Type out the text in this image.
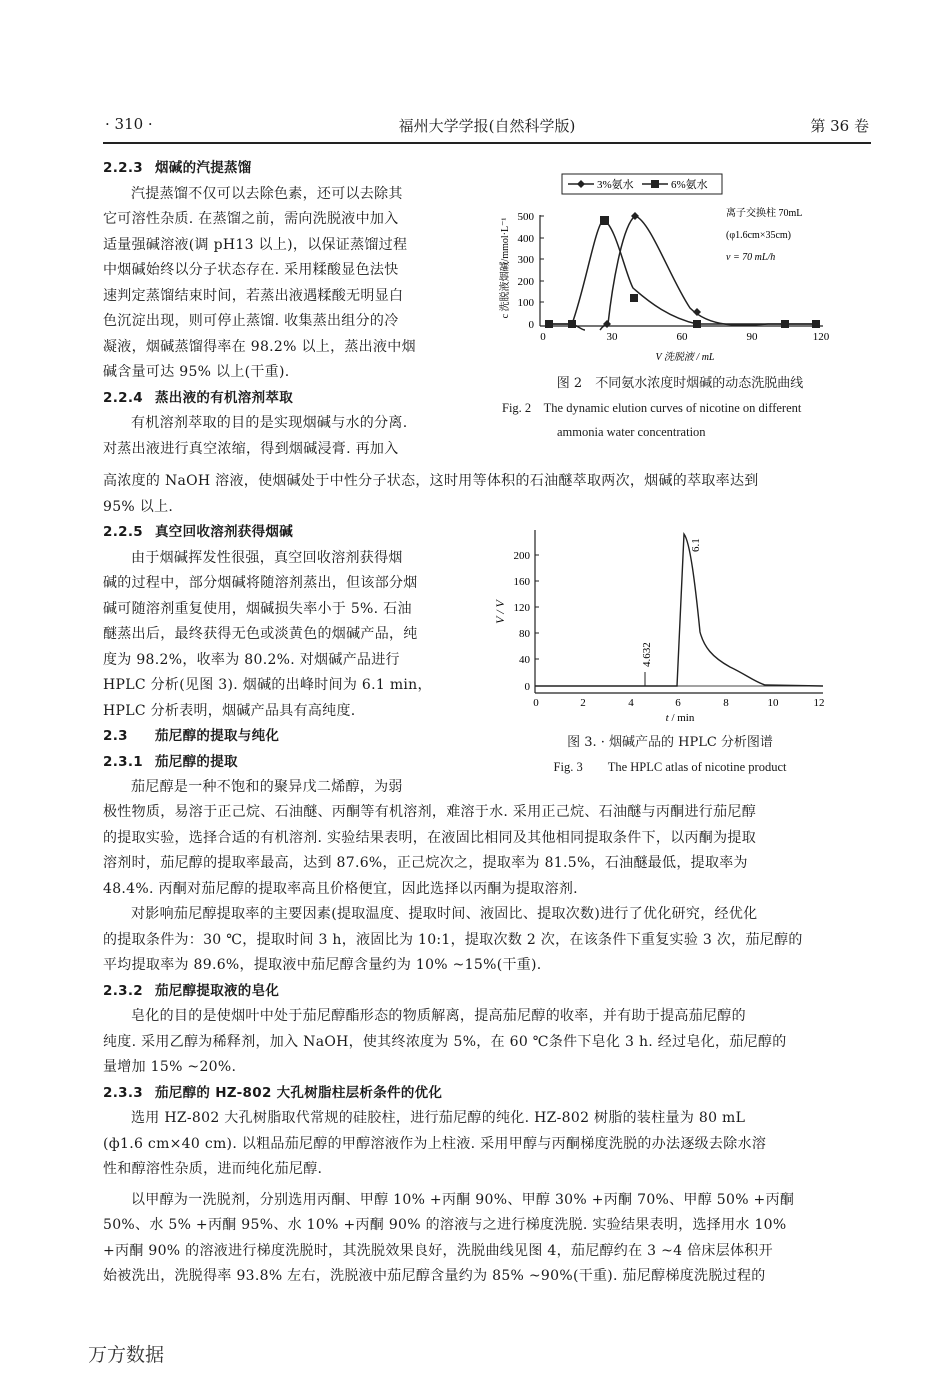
· 310 ·	福州大学学报(自然科学版)	第 36 卷
2.2.3 烟碱的汽提蒸馏
汽提蒸馏不仅可以去除色素，还可以去除其
它可溶性杂质. 在蒸馏之前，需向洗脱液中加入
适量强碱溶液(调 pH13 以上)，以保证蒸馏过程
中烟碱始终以分子状态存在. 采用糅酸显色法快
速判定蒸馏结束时间，若蒸出液遇糅酸无明显白
色沉淀出现，则可停止蒸馏. 收集蒸出组分的冷
凝液，烟碱蒸馏得率在 98.2% 以上，蒸出液中烟
碱含量可达 95% 以上(干重).
2.2.4 蒸出液的有机溶剂萃取
有机溶剂萃取的目的是实现烟碱与水的分离.
对蒸出液进行真空浓缩，得到烟碱浸膏. 再加入
高浓度的 NaOH 溶液，使烟碱处于中性分子状态，这时用等体积的石油醚萃取两次，烟碱的萃取率达到
95% 以上.
2.2.5 真空回收溶剂获得烟碱
由于烟碱挥发性很强，真空回收溶剂获得烟
碱的过程中，部分烟碱将随溶剂蒸出，但该部分烟
碱可随溶剂重复使用，烟碱损失率小于 5%. 石油
醚蒸出后，最终获得无色或淡黄色的烟碱产品，纯
度为 98.2%，收率为 80.2%. 对烟碱产品进行
HPLC 分析(见图 3). 烟碱的出峰时间为 6.1 min，
HPLC 分析表明，烟碱产品具有高纯度.
2.3 茄尼醇的提取与纯化
2.3.1 茄尼醇的提取
茄尼醇是一种不饱和的聚异戊二烯醇，为弱
极性物质，易溶于正己烷、石油醚、丙酮等有机溶剂，难溶于水. 采用正己烷、石油醚与丙酮进行茄尼醇
的提取实验，选择合适的有机溶剂. 实验结果表明，在液固比相同及其他相同提取条件下，以丙酮为提取
溶剂时，茄尼醇的提取率最高，达到 87.6%，正己烷次之，提取率为 81.5%，石油醚最低，提取率为
48.4%. 丙酮对茄尼醇的提取率高且价格便宜，因此选择以丙酮为提取溶剂.
对影响茄尼醇提取率的主要因素(提取温度、提取时间、液固比、提取次数)进行了优化研究，经优化
的提取条件为：30 ℃，提取时间 3 h，液固比为 10:1，提取次数 2 次，在该条件下重复实验 3 次，茄尼醇的
平均提取率为 89.6%，提取液中茄尼醇含量约为 10% ~15%(干重).
2.3.2 茄尼醇提取液的皂化
皂化的目的是使烟叶中处于茄尼醇酯形态的物质解离，提高茄尼醇的收率，并有助于提高茄尼醇的
纯度. 采用乙醇为稀释剂，加入 NaOH，使其终浓度为 5%，在 60 ℃条件下皂化 3 h. 经过皂化，茄尼醇的
量增加 15% ~20%.
2.3.3 茄尼醇的 HZ-802 大孔树脂柱层析条件的优化
选用 HZ-802 大孔树脂取代常规的硅胶柱，进行茄尼醇的纯化. HZ-802 树脂的装柱量为 80 mL
(ф1.6 cm×40 cm). 以粗品茄尼醇的甲醇溶液作为上柱液. 采用甲醇与丙酮梯度洗脱的办法逐级去除水溶
性和醇溶性杂质，进而纯化茄尼醇.
以甲醇为一洗脱剂，分别选用丙酮、甲醇 10% +丙酮 90%、甲醇 30% +丙酮 70%、甲醇 50% +丙酮
50%、水 5% +丙酮 95%、水 10% +丙酮 90% 的溶液与之进行梯度洗脱. 实验结果表明，选择用水 10%
+丙酮 90% 的溶液进行梯度洗脱时，其洗脱效果良好，洗脱曲线见图 4，茄尼醇约在 3 ~4 倍床层体积开
始被洗出，洗脱得率 93.8% 左右，洗脱液中茄尼醇含量约为 85% ~90%(干重). 茄尼醇梯度洗脱过程的
3%氨水	6%氨水
500
400
300
200
100
0
0	30	60	90	120
c 洗脱液烟碱/mmol·L⁻¹
V 洗脱液 / mL
离子交换柱 70mL
(φ1.6cm×35cm)
v = 70 mL/h
图 2　不同氨水浓度时烟碱的动态洗脱曲线
Fig. 2　The dynamic elution curves of nicotine on different
ammonia water concentration
200
160
120
80
40
0
0	2	4	6	8	10	12
V / V
t / min
4.632
6.1
图 3. · 烟碱产品的 HPLC 分析图谱
Fig. 3　　The HPLC atlas of nicotine product
万方数据
